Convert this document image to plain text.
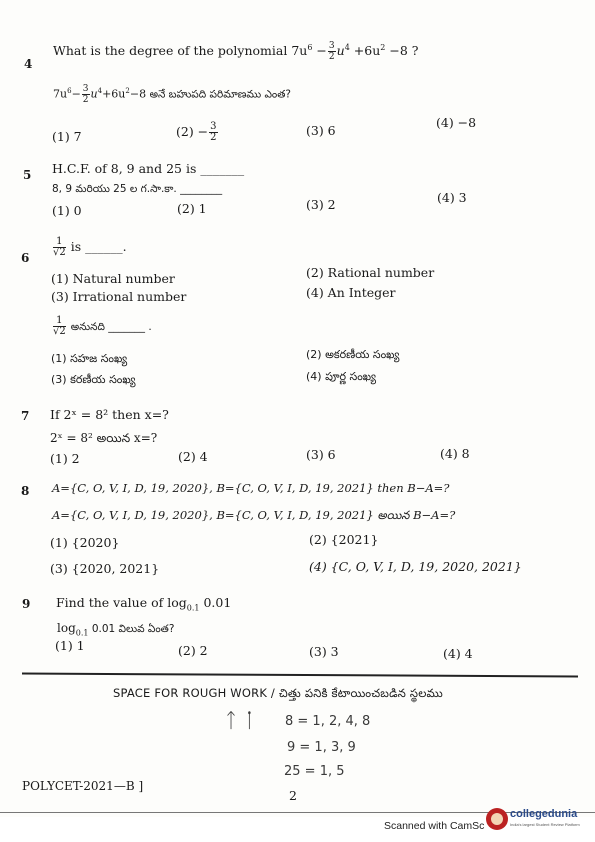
4
What is the degree of the polynomial $7u^6 - \frac{3}{2} u^4 +6u^2 -8$ ?
$7u^6- \frac{3}{2} u^4+6u^2-8$ అనే బహుపది పరిమాణము ఎంత?
(1) 7	$(2) - \frac{3}{2}$	(3) 6
(4) −8
5 H.C.F. of 8, 9 and 25 is _______
8, 9 మరియు 25 ల గ.సా.కా. ________
(1) 0	(2) 1	(3) 2	(4) 3
$6 \frac{1}{√2}$ is ______.
(1) Natural number	(2) Rational number
(3) Irrational number	(4) An Integer
$\frac{1}{√2}$ అనునది _______ .
(1) సహజ సంఖ్య	(2) అకరణీయ సంఖ్య
(3) కరణీయ సంఖ్య	(4) పూర్ణ సంఖ్య
7 If 2ˣ = 8² then x=?
2ˣ = 8² అయిన x=?
(1) 2	(2) 4	(3) 6	(4) 8
8 A={C, O, V, I, D, 19, 2020}, B={C, O, V, I, D, 19, 2021} then B−A=?
A={C, O, V, I, D, 19, 2020}, B={C, O, V, I, D, 19, 2021} అయిన B−A=?
(1) {2020}	(2) {2021}
(3) {2020, 2021}	(4) {C, O, V, I, D, 19, 2020, 2021}
9 Find the value of $\log_{0.1} 0.01$
$\log_{0.1} 0.01$ విలువ ఏంత?
(1) 1	(2) 2	(3) 3	(4) 4
SPACE FOR ROUGH WORK / చిత్తు పనికి కేటాయించబడిన స్థలము
ᛏ ᛙ 8 = 1, 2, 4, 8
9 = 1, 3, 9
25 = 1, 5
POLYCET-2021—B ]
2
Scanned with CamSc
collegedunia
India's largest Student Review Platform
